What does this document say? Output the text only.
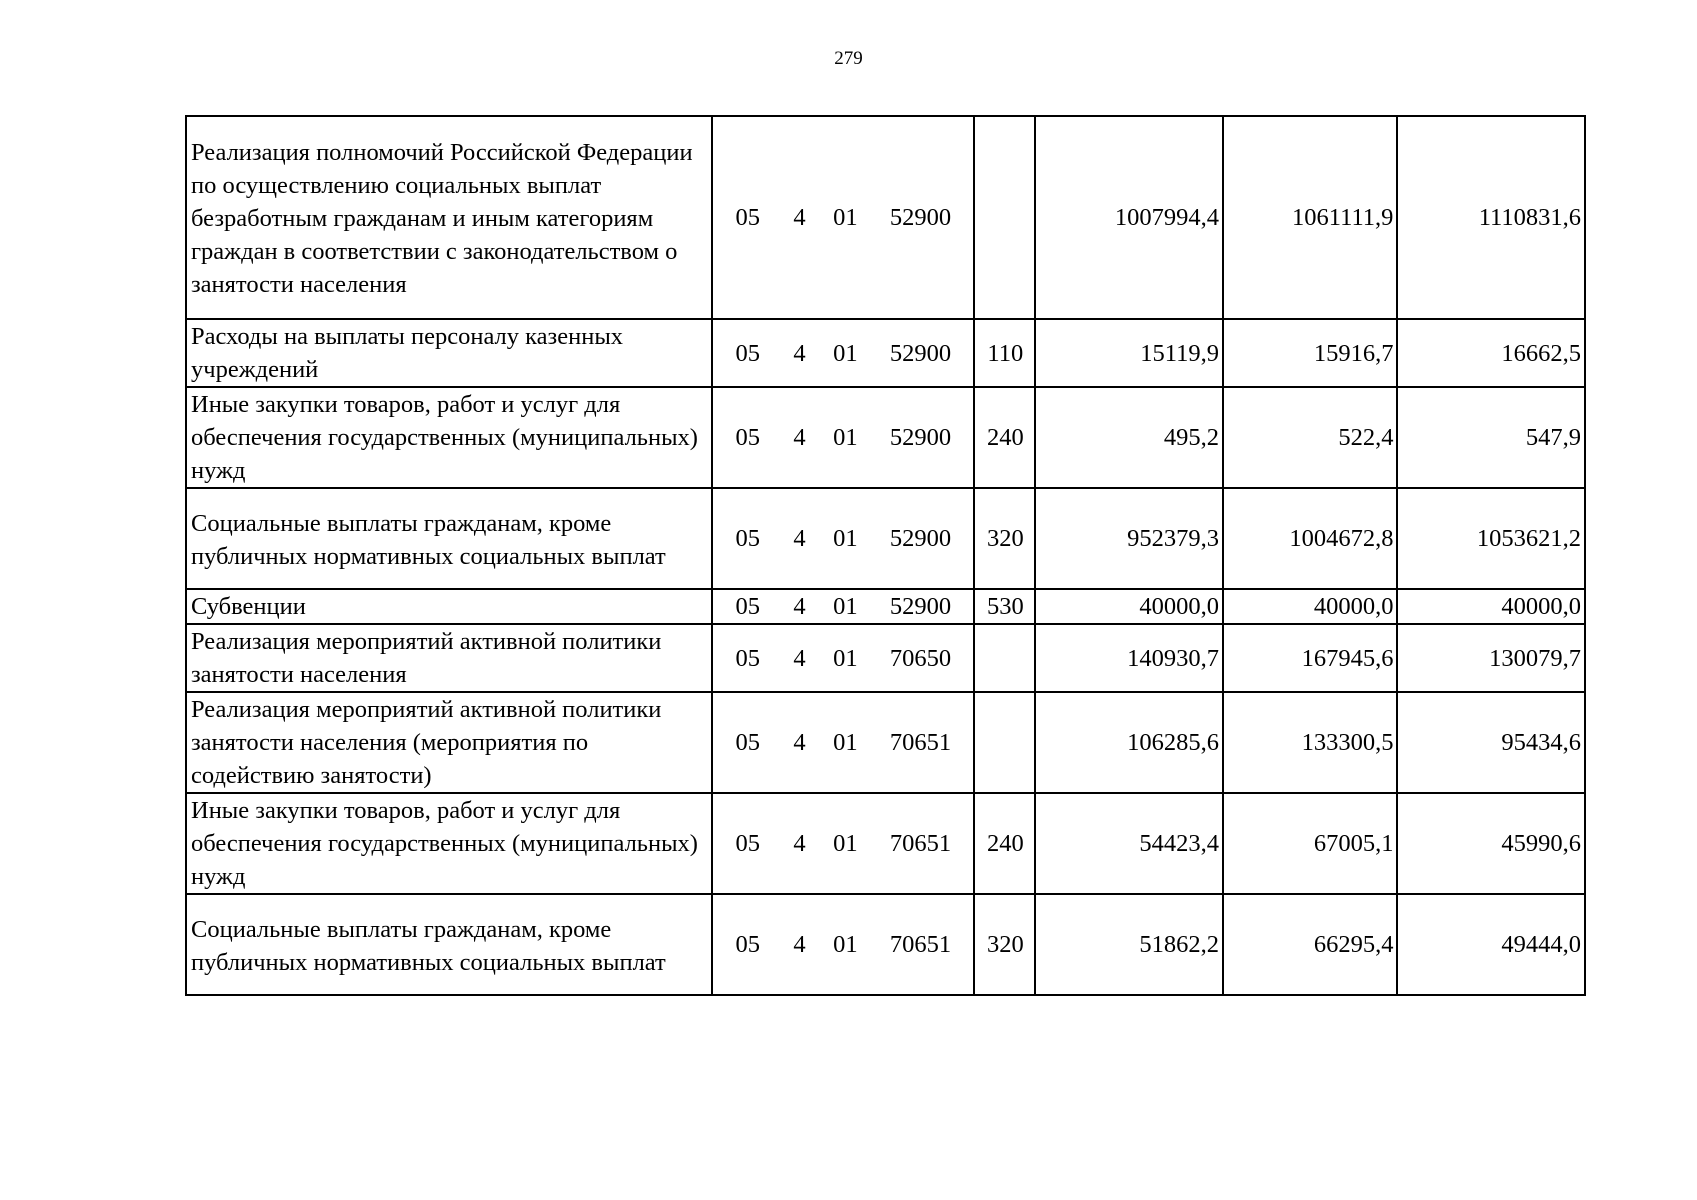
279
Реализация полномочий Российской Федерации по осуществлению социальных выплат безработным гражданам и иным категориям граждан в соответствии с законодательством о занятости населения	05 4 01 52900		1007994,4	1061111,9	1110831,6
Расходы на выплаты персоналу казенных учреждений	05 4 01 52900	110	15119,9	15916,7	16662,5
Иные закупки товаров, работ и услуг для обеспечения государственных (муниципальных) нужд	05 4 01 52900	240	495,2	522,4	547,9
Социальные выплаты гражданам, кроме публичных нормативных социальных выплат	05 4 01 52900	320	952379,3	1004672,8	1053621,2
Субвенции	05 4 01 52900	530	40000,0	40000,0	40000,0
Реализация мероприятий активной политики занятости населения	05 4 01 70650		140930,7	167945,6	130079,7
Реализация мероприятий активной политики занятости населения (мероприятия по содействию занятости)	05 4 01 70651		106285,6	133300,5	95434,6
Иные закупки товаров, работ и услуг для обеспечения государственных (муниципальных) нужд	05 4 01 70651	240	54423,4	67005,1	45990,6
Социальные выплаты гражданам, кроме публичных нормативных социальных выплат	05 4 01 70651	320	51862,2	66295,4	49444,0
